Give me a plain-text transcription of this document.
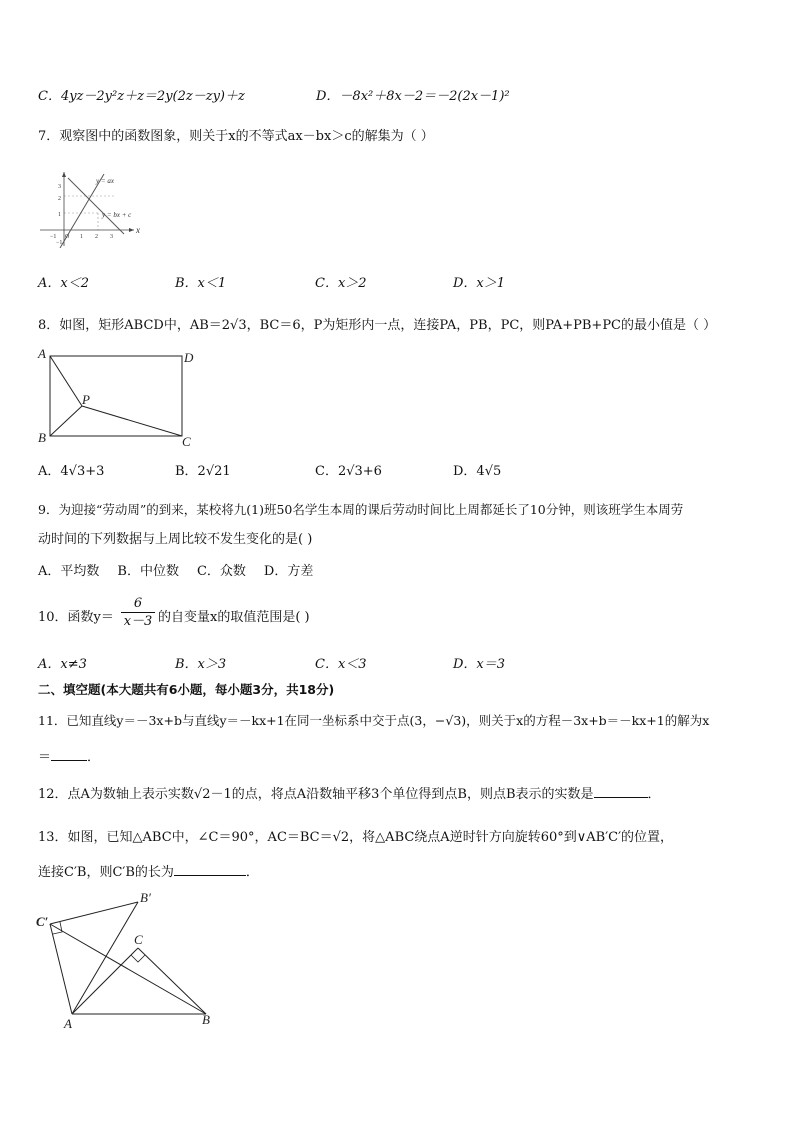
C．4yz－2y²z＋z＝2y(2z－zy)＋z	D．－8x²＋8x－2＝－2(2x－1)²
7．观察图中的函数图象，则关于x的不等式ax－bx＞c的解集为（ ）
y = ax
y = bx + c
x
−1	1 2 3
3
2
1
−1
O
A．x＜2	B．x＜1	C．x＞2	D．x＞1
8．如图，矩形ABCD中，AB＝2√3，BC＝6，P为矩形内一点，连接PA，PB，PC，则PA+PB+PC的最小值是（ ）
A	D
B	C
P
A．4√3+3	B．2√21	C．2√3+6	D．4√5
9．为迎接“劳动周”的到来，某校将九(1)班50名学生本周的课后劳动时间比上周都延长了10分钟，则该班学生本周劳
动时间的下列数据与上周比较不发生变化的是( )
A．平均数 B．中位数 C．众数 D．方差
10．函数$y= \frac{6}{x-3}$ 的自变量x的取值范围是( )
A．x≠3	B．x＞3	C．x＜3	D．x＝3
二、填空题(本大题共有6小题，每小题3分，共18分)
11．已知直线y＝－3x+b与直线y＝－kx+1在同一坐标系中交于点(3，−√3)，则关于x的方程－3x+b＝－kx+1的解为x
＝	．
12．点A为数轴上表示实数√2－1的点，将点A沿数轴平移3个单位得到点B，则点B表示的实数是	．
13．如图，已知△ABC中，∠C＝90°，AC＝BC＝√2，将△ABC绕点A逆时针方向旋转60°到∨AB′C′的位置，
连接C′B，则C′B的长为	．
C′
B′
C
A	B
